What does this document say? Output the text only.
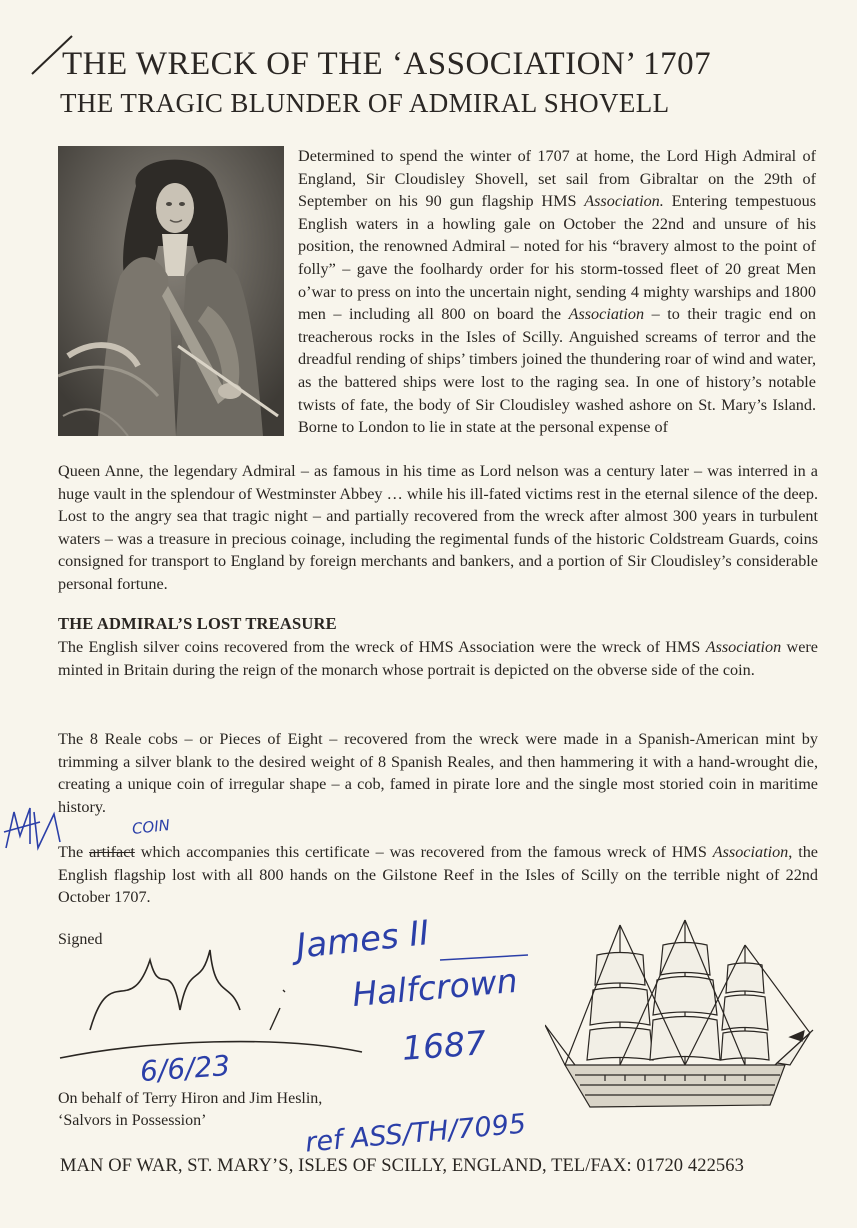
THE WRECK OF THE ‘ASSOCIATION’ 1707
THE TRAGIC BLUNDER OF ADMIRAL SHOVELL
Determined to spend the winter of 1707 at home, the Lord High Admiral of England, Sir Cloudisley Shovell, set sail from Gibraltar on the 29th of September on his 90 gun flagship HMS Association. Entering tempestuous English waters in a howling gale on October the 22nd and unsure of his position, the renowned Admiral – noted for his “bravery almost to the point of folly” – gave the foolhardy order for his storm-tossed fleet of 20 great Men o’war to press on into the uncertain night, sending 4 mighty warships and 1800 men – including all 800 on board the Association – to their tragic end on treacherous rocks in the Isles of Scilly. Anguished screams of terror and the dreadful rending of ships’ timbers joined the thundering roar of wind and water, as the battered ships were lost to the raging sea. In one of history’s notable twists of fate, the body of Sir Cloudisley washed ashore on St. Mary’s Island. Borne to London to lie in state at the personal expense of
Queen Anne, the legendary Admiral – as famous in his time as Lord nelson was a century later – was interred in a huge vault in the splendour of Westminster Abbey … while his ill-fated victims rest in the eternal silence of the deep. Lost to the angry sea that tragic night – and partially recovered from the wreck after almost 300 years in turbulent waters – was a treasure in precious coinage, including the regimental funds of the historic Coldstream Guards, coins consigned for transport to England by foreign merchants and bankers, and a portion of Sir Cloudisley’s considerable personal fortune.
THE ADMIRAL’S LOST TREASURE
The English silver coins recovered from the wreck of HMS Association were the wreck of HMS Association were minted in Britain during the reign of the monarch whose portrait is depicted on the obverse side of the coin.
The 8 Reale cobs – or Pieces of Eight – recovered from the wreck were made in a Spanish-American mint by trimming a silver blank to the desired weight of 8 Spanish Reales, and then hammering it with a hand-wrought die, creating a unique coin of irregular shape – a cob, famed in pirate lore and the single most storied coin in maritime history.
The artifact which accompanies this certificate – was recovered from the famous wreck of HMS Association, the English flagship lost with all 800 hands on the Gilstone Reef in the Isles of Scilly on the terrible night of 22nd October 1707.
Signed
On behalf of Terry Hiron and Jim Heslin,
‘Salvors in Possession’
MAN OF WAR, ST. MARY’S, ISLES OF SCILLY, ENGLAND, TEL/FAX: 01720 422563
COIN
James II
Halfcrown
1687
6/6/23
ref ASS/TH/7095
